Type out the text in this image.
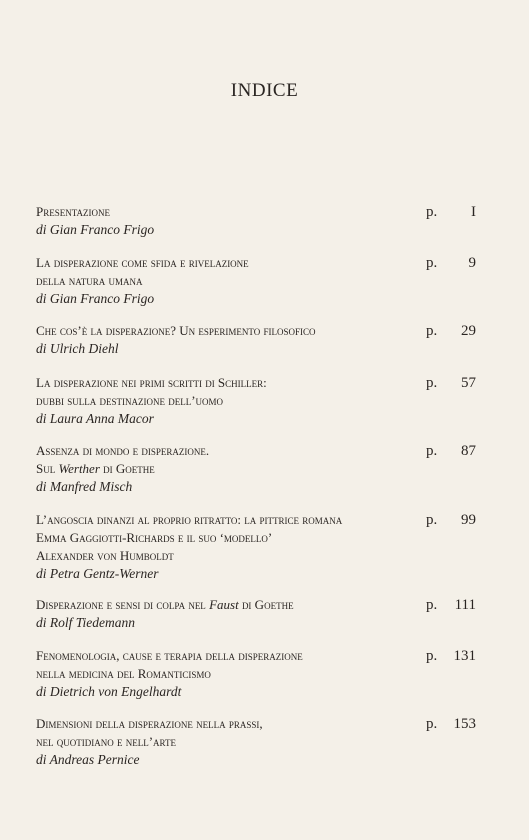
INDICE

Presentazione

di Gian Franco Frigo

p. I

La disperazione come sfida e rivelazione

della natura umana

di Gian Franco Frigo

p. 9

Che cos’è la disperazione? Un esperimento filosofico

di Ulrich Diehl

p. 29

La disperazione nei primi scritti di Schiller:

dubbi sulla destinazione dell’uomo

di Laura Anna Macor

p. 57

Assenza di mondo e disperazione.

Sul Werther di Goethe

di Manfred Misch

p. 87

L’angoscia dinanzi al proprio ritratto: la pittrice romana

Emma Gaggiotti-Richards e il suo ‘modello’

Alexander von Humboldt

di Petra Gentz-Werner

p. 99

Disperazione e sensi di colpa nel Faust di Goethe

di Rolf Tiedemann

p. 111

Fenomenologia, cause e terapia della disperazione

nella medicina del Romanticismo

di Dietrich von Engelhardt

p. 131

Dimensioni della disperazione nella prassi,

nel quotidiano e nell’arte

di Andreas Pernice

p. 153
